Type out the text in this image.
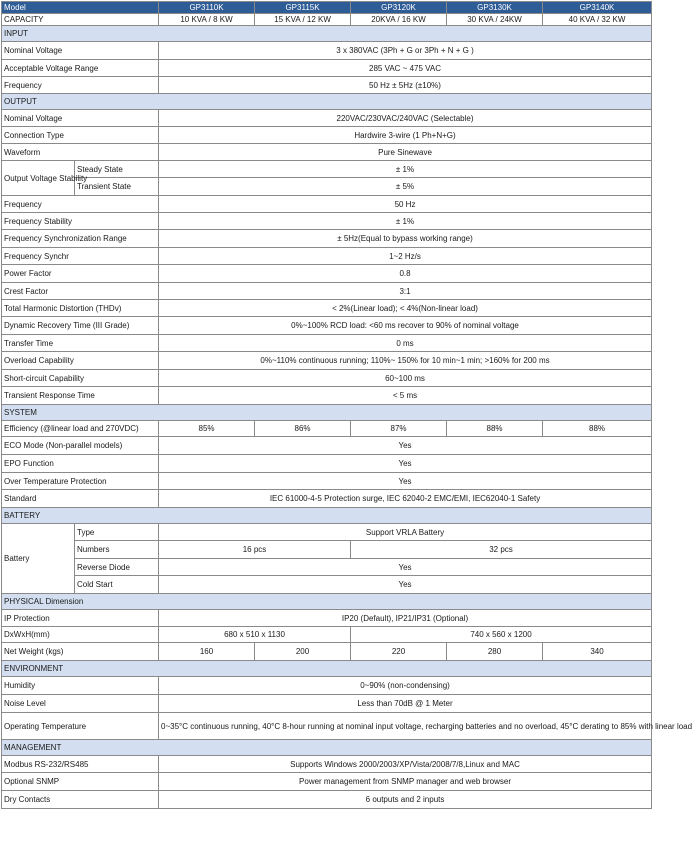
Model		GP3110K	GP3115K	GP3120K	GP3130K	GP3140K
CAPACITY		10 KVA / 8 KW	15 KVA / 12 KW	20KVA / 16 KW	30 KVA / 24KW	40 KVA / 32 KW
INPUT						
Nominal Voltage		3 x 380VAC (3Ph + G or 3Ph + N + G )				
Acceptable Voltage Range		285 VAC ~ 475 VAC				
Frequency		50 Hz ± 5Hz (±10%)				
OUTPUT						
Nominal Voltage		220VAC/230VAC/240VAC (Selectable)				
Connection Type		Hardwire 3-wire (1 Ph+N+G)				
Waveform		Pure Sinewave				
Output Voltage Stability	Steady State	± 1%				
	Transient State	± 5%				
Frequency		50 Hz				
Frequency Stability		± 1%				
Frequency Synchronization Range		± 5Hz(Equal to bypass working range)				
Frequency Synchr		1~2 Hz/s				
Power Factor		0.8				
Crest Factor		3:1				
Total Harmonic Distortion (THDv)		< 2%(Linear load); < 4%(Non-linear load)				
Dynamic Recovery Time (III Grade)		0%~100% RCD load: <60 ms recover to 90% of nominal voltage				
Transfer Time		0 ms				
Overload Capability		0%~110% continuous running; 110%~ 150% for 10 min~1 min; >160% for 200 ms				
Short-circuit Capability		60~100 ms				
Transient Response Time		< 5 ms				
SYSTEM						
Efficiency (@linear load and 270VDC)		85%	86%	87%	88%	88%
ECO Mode (Non-parallel models)		Yes				
EPO Function		Yes				
Over Temperature Protection		Yes				
Standard		IEC 61000-4-5 Protection surge, IEC 62040-2 EMC/EMI, IEC62040-1 Safety				
BATTERY						
Battery	Type	Support VRLA Battery				
	Numbers	16 pcs		32 pcs		
	Reverse Diode	Yes				
	Cold Start	Yes				
PHYSICAL Dimension						
IP Protection		IP20 (Default), IP21/IP31 (Optional)				
DxWxH(mm)		680 x 510 x 1130		740 x 560 x 1200		
Net Weight (kgs)		160	200	220	280	340
ENVIRONMENT						
Humidity		0~90% (non-condensing)				
Noise Level		Less than 70dB @ 1 Meter				
Operating Temperature		0~35°C continuous running, 40°C 8-hour running at nominal input voltage, recharging batteries and no overload, 45°C derating to 85% with linear load				
MANAGEMENT						
Modbus RS-232/RS485		Supports Windows 2000/2003/XP/Vista/2008/7/8,Linux and MAC				
Optional SNMP		Power management from SNMP manager and web browser				
Dry Contacts		6 outputs and 2 inputs				
